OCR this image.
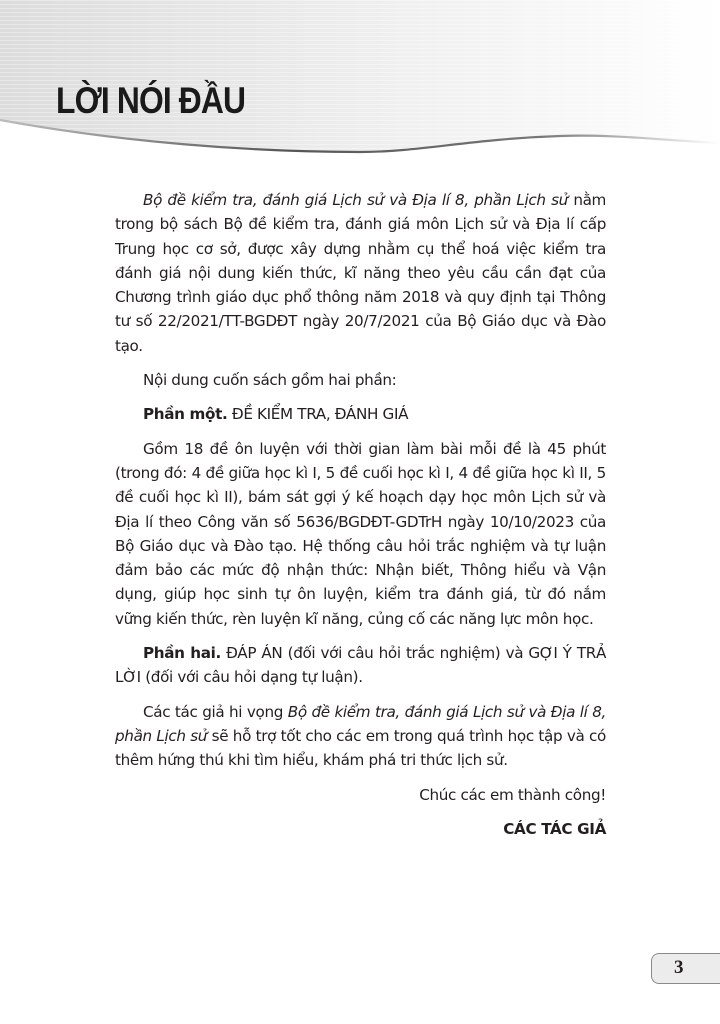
LỜI NÓI ĐẦU

Bộ đề kiểm tra, đánh giá Lịch sử và Địa lí 8, phần Lịch sử nằm trong bộ sách Bộ đề kiểm tra, đánh giá môn Lịch sử và Địa lí cấp Trung học cơ sở, được xây dựng nhằm cụ thể hoá việc kiểm tra đánh giá nội dung kiến thức, kĩ năng theo yêu cầu cần đạt của Chương trình giáo dục phổ thông năm 2018 và quy định tại Thông tư số 22/2021/TT-BGDĐT ngày 20/7/2021 của Bộ Giáo dục và Đào tạo.

Nội dung cuốn sách gồm hai phần:

Phần một. ĐỀ KIỂM TRA, ĐÁNH GIÁ

Gồm 18 đề ôn luyện với thời gian làm bài mỗi đề là 45 phút (trong đó: 4 đề giữa học kì I, 5 đề cuối học kì I, 4 đề giữa học kì II, 5 đề cuối học kì II), bám sát gợi ý kế hoạch dạy học môn Lịch sử và Địa lí theo Công văn số 5636/BGDĐT-GDTrH ngày 10/10/2023 của Bộ Giáo dục và Đào tạo. Hệ thống câu hỏi trắc nghiệm và tự luận đảm bảo các mức độ nhận thức: Nhận biết, Thông hiểu và Vận dụng, giúp học sinh tự ôn luyện, kiểm tra đánh giá, từ đó nắm vững kiến thức, rèn luyện kĩ năng, củng cố các năng lực môn học.

Phần hai. ĐÁP ÁN (đối với câu hỏi trắc nghiệm) và GỢI Ý TRẢ LỜI (đối với câu hỏi dạng tự luận).

Các tác giả hi vọng Bộ đề kiểm tra, đánh giá Lịch sử và Địa lí 8, phần Lịch sử sẽ hỗ trợ tốt cho các em trong quá trình học tập và có thêm hứng thú khi tìm hiểu, khám phá tri thức lịch sử.

Chúc các em thành công!

CÁC TÁC GIẢ

3
